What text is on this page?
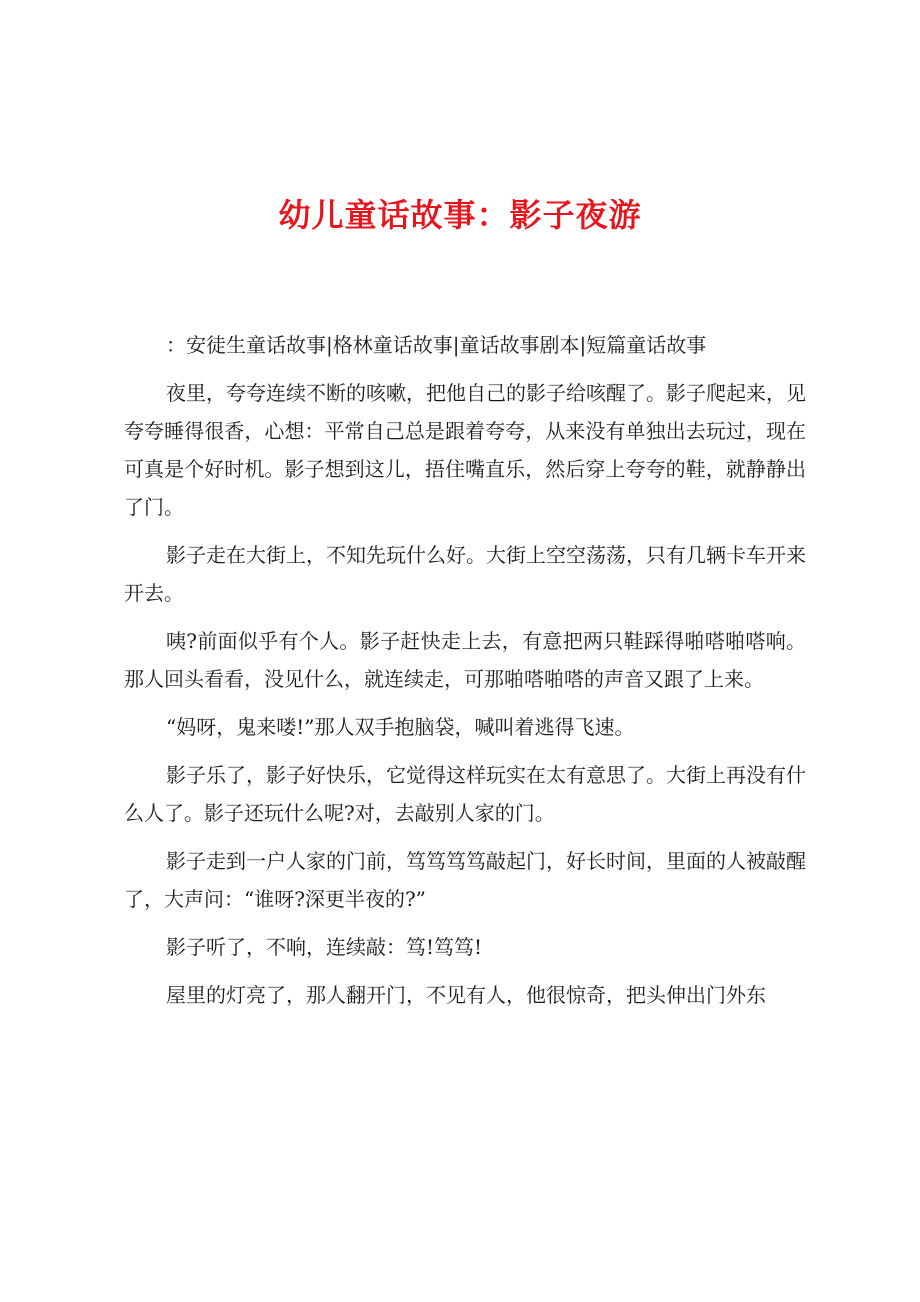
幼儿童话故事：影子夜游

：安徒生童话故事|格林童话故事|童话故事剧本|短篇童话故事

夜里，夸夸连续不断的咳嗽，把他自己的影子给咳醒了。影子爬起来，见夸夸睡得很香，心想：平常自己总是跟着夸夸，从来没有单独出去玩过，现在可真是个好时机。影子想到这儿，捂住嘴直乐，然后穿上夸夸的鞋，就静静出了门。

影子走在大街上，不知先玩什么好。大街上空空荡荡，只有几辆卡车开来开去。

咦?前面似乎有个人。影子赶快走上去，有意把两只鞋踩得啪嗒啪嗒响。那人回头看看，没见什么，就连续走，可那啪嗒啪嗒的声音又跟了上来。

“妈呀，鬼来喽!”那人双手抱脑袋，喊叫着逃得飞速。

影子乐了，影子好快乐，它觉得这样玩实在太有意思了。大街上再没有什么人了。影子还玩什么呢?对，去敲别人家的门。

影子走到一户人家的门前，笃笃笃笃敲起门，好长时间，里面的人被敲醒了，大声问：“谁呀?深更半夜的?”

影子听了，不响，连续敲：笃!笃笃!

屋里的灯亮了，那人翻开门，不见有人，他很惊奇，把头伸出门外东
